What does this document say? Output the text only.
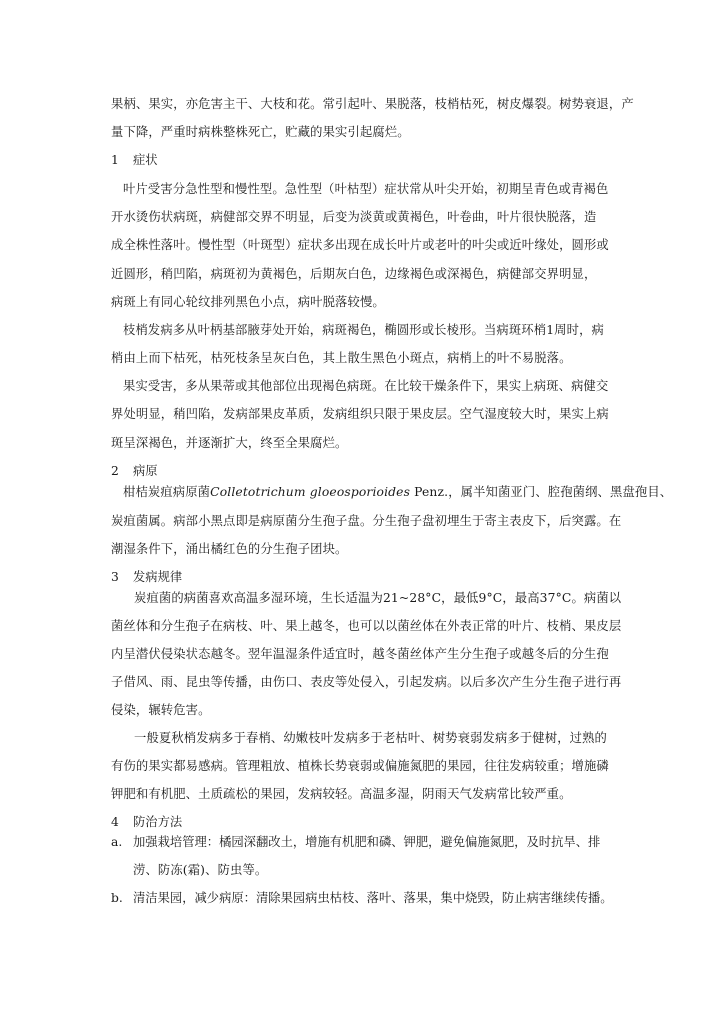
果柄、果实，亦危害主干、大枝和花。常引起叶、果脱落，枝梢枯死，树皮爆裂。树势衰退，产
量下降，严重时病株整株死亡，贮藏的果实引起腐烂。
1 症状
叶片受害分急性型和慢性型。急性型（叶枯型）症状常从叶尖开始，初期呈青色或青褐色
开水烫伤状病斑，病健部交界不明显，后变为淡黄或黄褐色，叶卷曲，叶片很快脱落，造
成全株性落叶。慢性型（叶斑型）症状多出现在成长叶片或老叶的叶尖或近叶缘处，圆形或
近圆形，稍凹陷，病斑初为黄褐色，后期灰白色，边缘褐色或深褐色，病健部交界明显，
病斑上有同心轮纹排列黑色小点，病叶脱落较慢。
枝梢发病多从叶柄基部腋芽处开始，病斑褐色，椭圆形或长棱形。当病斑环梢1周时，病
梢由上而下枯死，枯死枝条呈灰白色，其上散生黑色小斑点，病梢上的叶不易脱落。
果实受害，多从果蒂或其他部位出现褐色病斑。在比较干燥条件下，果实上病斑、病健交
界处明显，稍凹陷，发病部果皮革质，发病组织只限于果皮层。空气湿度较大时，果实上病
斑呈深褐色，并逐渐扩大，终至全果腐烂。
2 病原
柑桔炭疽病原菌Colletotrichum gloeosporioides Penz.，属半知菌亚门、腔孢菌纲、黑盘孢目、
炭疽菌属。病部小黑点即是病原菌分生孢子盘。分生孢子盘初埋生于寄主表皮下，后突露。在
潮湿条件下，涌出橘红色的分生孢子团块。
3 发病规律
炭疽菌的病菌喜欢高温多湿环境，生长适温为21~28°C，最低9°C，最高37°C。病菌以
菌丝体和分生孢子在病枝、叶、果上越冬，也可以以菌丝体在外表正常的叶片、枝梢、果皮层
内呈潜伏侵染状态越冬。翌年温湿条件适宜时，越冬菌丝体产生分生孢子或越冬后的分生孢
子借风、雨、昆虫等传播，由伤口、表皮等处侵入，引起发病。以后多次产生分生孢子进行再
侵染，辗转危害。
一般夏秋梢发病多于春梢、幼嫩枝叶发病多于老枯叶、树势衰弱发病多于健树，过熟的
有伤的果实都易感病。管理粗放、植株长势衰弱或偏施氮肥的果园，往往发病较重；增施磷
钾肥和有机肥、土质疏松的果园，发病较轻。高温多湿，阴雨天气发病常比较严重。
4 防治方法
a. 加强栽培管理：橘园深翻改土，增施有机肥和磷、钾肥，避免偏施氮肥，及时抗旱、排
涝、防冻(霜)、防虫等。
b. 清洁果园，减少病原：清除果园病虫枯枝、落叶、落果，集中烧毁，防止病害继续传播。
